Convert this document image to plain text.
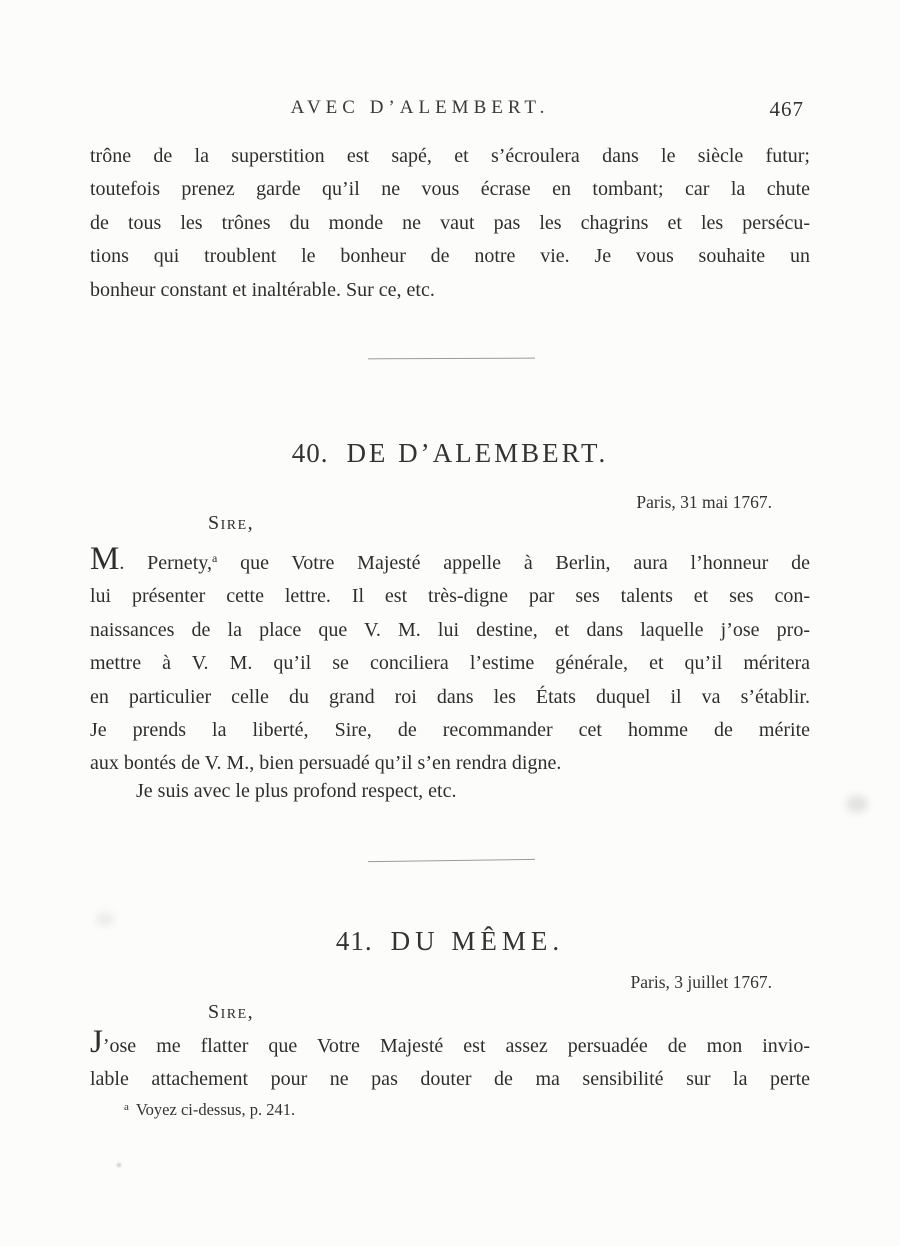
AVEC D’ALEMBERT.	467
trône de la superstition est sapé, et s’écroulera dans le siècle futur;
toutefois prenez garde qu’il ne vous écrase en tombant; car la chute
de tous les trônes du monde ne vaut pas les chagrins et les persécu-
tions qui troublent le bonheur de notre vie. Je vous souhaite un
bonheur constant et inaltérable. Sur ce, etc.
40. DE D’ALEMBERT.
Paris, 31 mai 1767.
Sire,
M. Pernety,$^a$ que Votre Majesté appelle à Berlin, aura l’honneur de
lui présenter cette lettre. Il est très-digne par ses talents et ses con-
naissances de la place que V. M. lui destine, et dans laquelle j’ose pro-
mettre à V. M. qu’il se conciliera l’estime générale, et qu’il méritera
en particulier celle du grand roi dans les États duquel il va s’établir.
Je prends la liberté, Sire, de recommander cet homme de mérite
aux bontés de V. M., bien persuadé qu’il s’en rendra digne.
Je suis avec le plus profond respect, etc.
41. DU MÊME.
Paris, 3 juillet 1767.
Sire,
J’ose me flatter que Votre Majesté est assez persuadée de mon invio-
lable attachement pour ne pas douter de ma sensibilité sur la perte
$^a$ Voyez ci-dessus, p. 241.
